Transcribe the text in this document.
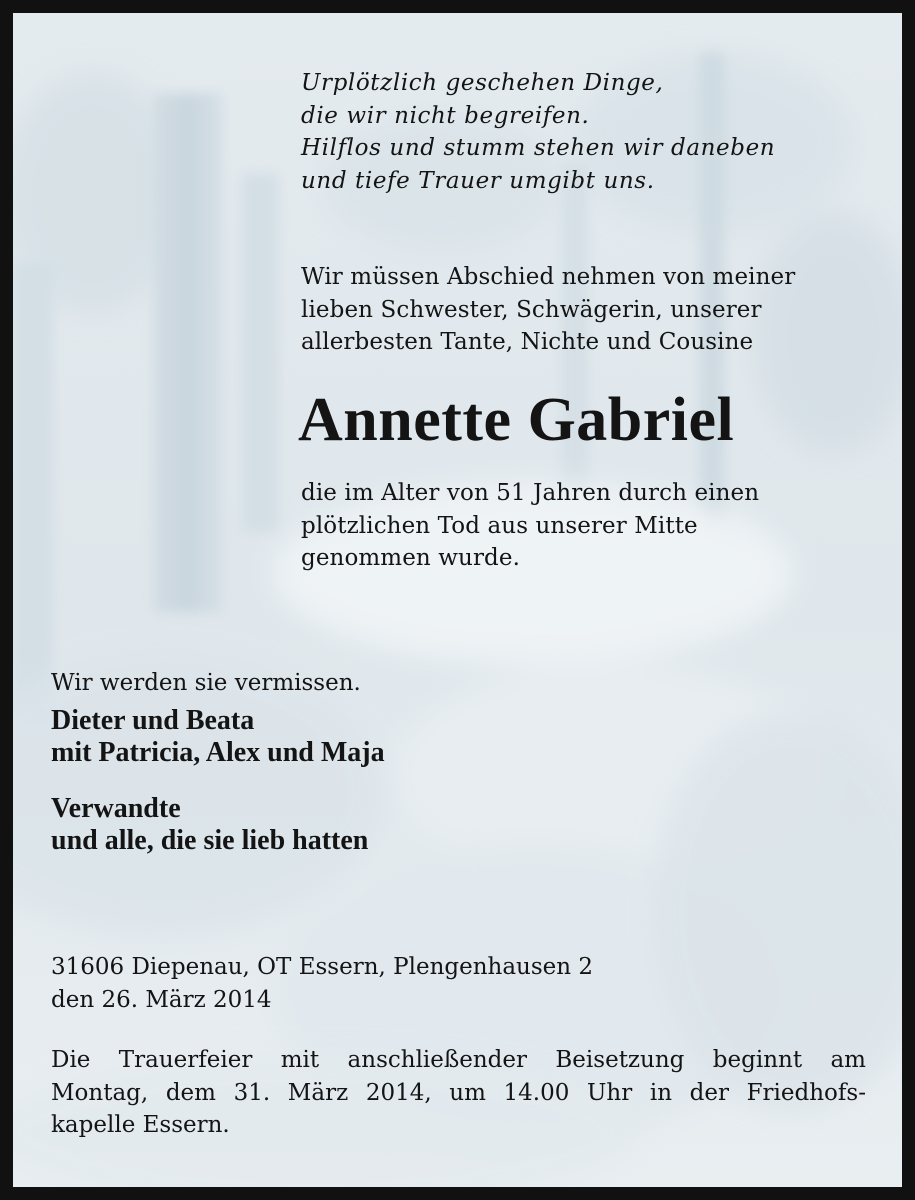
Urplötzlich geschehen Dinge,
die wir nicht begreifen.
Hilflos und stumm stehen wir daneben
und tiefe Trauer umgibt uns.

Wir müssen Abschied nehmen von meiner
lieben Schwester, Schwägerin, unserer
allerbesten Tante, Nichte und Cousine

Annette Gabriel

die im Alter von 51 Jahren durch einen
plötzlichen Tod aus unserer Mitte
genommen wurde.

Wir werden sie vermissen.

Dieter und Beata
mit Patricia, Alex und Maja

Verwandte

und alle, die sie lieb hatten

31606 Diepenau, OT Essern, Plengenhausen 2
den 26. März 2014

Die Trauerfeier mit anschließender Beisetzung beginnt am
Montag, dem 31. März 2014, um 14.00 Uhr in der Friedhofs-
kapelle Essern.
